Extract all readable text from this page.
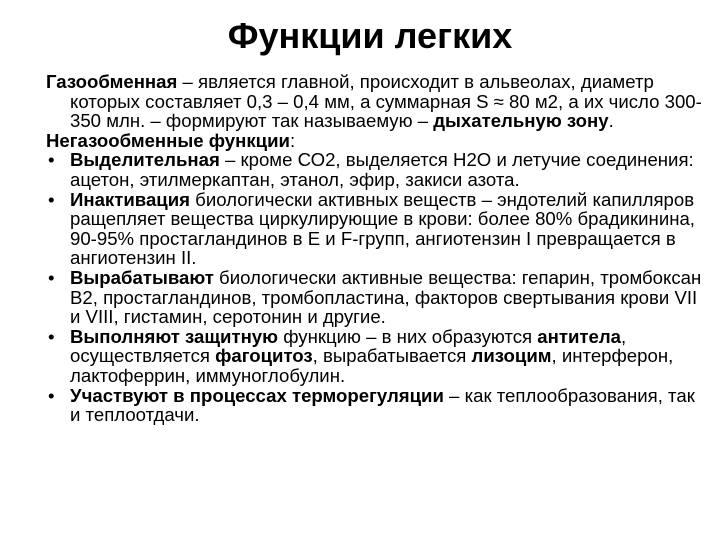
Функции легких

Газообменная – является главной, происходит в альвеолах, диаметр которых составляет 0,3 – 0,4 мм, а суммарная S ≈ 80 м2, а их число 300-350 млн. – формируют так называемую – дыхательную зону.

Негазообменные функции:

• Выделительная – кроме СО2, выделяется Н2О и летучие соединения: ацетон, этилмеркаптан, этанол, эфир, закиси азота.
• Инактивация биологически активных веществ – эндотелий капилляров ращепляет вещества циркулирующие в крови: более 80% брадикинина, 90-95% простагландинов в Е и F-групп, ангиотензин I превращается в ангиотензин II.
• Вырабатывают биологически активные вещества: гепарин, тромбоксан В2, простагландинов, тромбопластина, факторов свертывания крови VII и VIII, гистамин, серотонин и другие.
• Выполняют защитную функцию – в них образуются антитела, осуществляется фагоцитоз, вырабатывается лизоцим, интерферон, лактоферрин, иммуноглобулин.
• Участвуют в процессах терморегуляции – как теплообразования, так и теплоотдачи.
